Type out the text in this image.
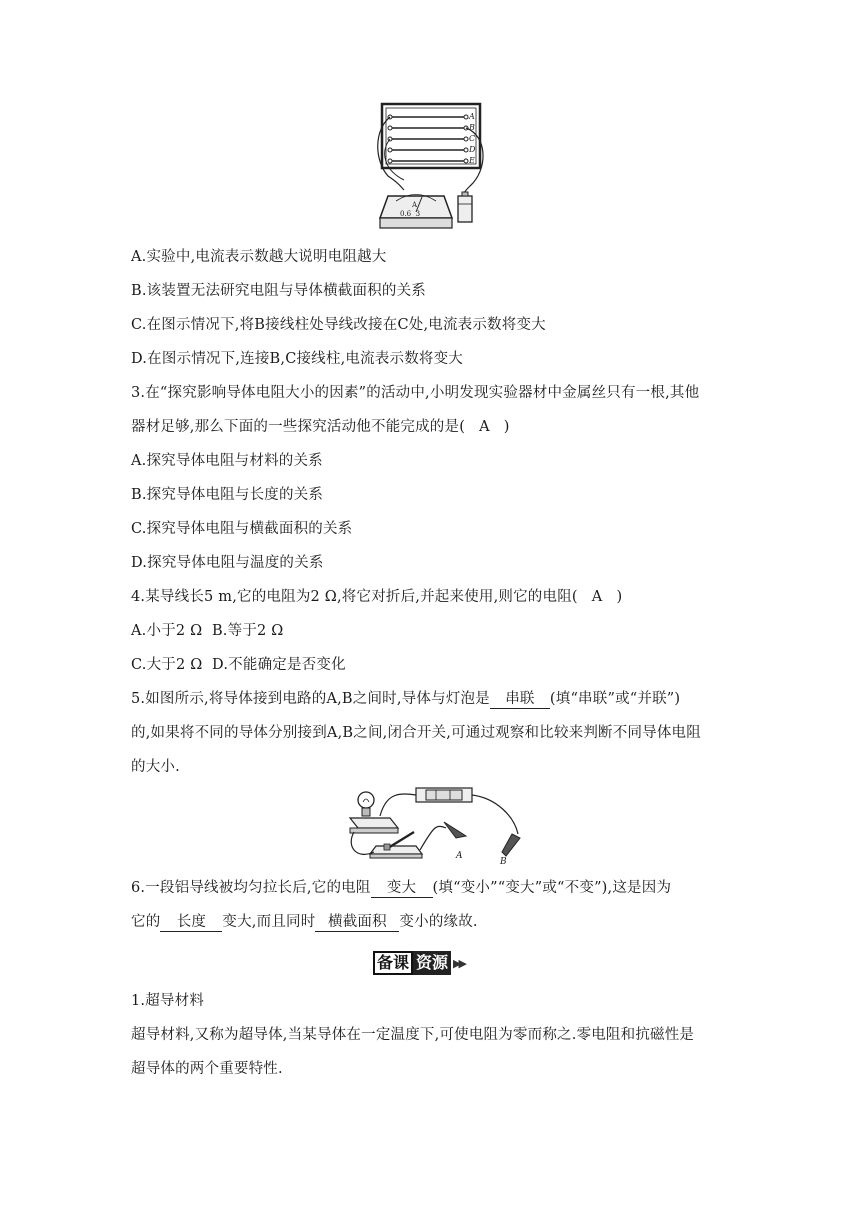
A
B
C
D
E
A
0.6  3
A.实验中,电流表示数越大说明电阻越大
B.该装置无法研究电阻与导体横截面积的关系
C.在图示情况下,将B接线柱处导线改接在C处,电流表示数将变大
D.在图示情况下,连接B,C接线柱,电流表示数将变大
3.在“探究影响导体电阻大小的因素”的活动中,小明发现实验器材中金属丝只有一根,其他
器材足够,那么下面的一些探究活动他不能完成的是( A )
A.探究导体电阻与材料的关系
B.探究导体电阻与长度的关系
C.探究导体电阻与横截面积的关系
D.探究导体电阻与温度的关系
4.某导线长5 m,它的电阻为2 Ω,将它对折后,并起来使用,则它的电阻( A )
A.小于2 Ω  B.等于2 Ω
C.大于2 Ω  D.不能确定是否变化
5.如图所示,将导体接到电路的A,B之间时,导体与灯泡是 串联 (填“串联”或“并联”)
的,如果将不同的导体分别接到A,B之间,闭合开关,可通过观察和比较来判断不同导体电阻
的大小.
A
B
6.一段铝导线被均匀拉长后,它的电阻 变大 (填“变小”“变大”或“不变”),这是因为
它的 长度 变大,而且同时 横截面积 变小的缘故.
备课 资源 ▶▶
1.超导材料
超导材料,又称为超导体,当某导体在一定温度下,可使电阻为零而称之.零电阻和抗磁性是
超导体的两个重要特性.
